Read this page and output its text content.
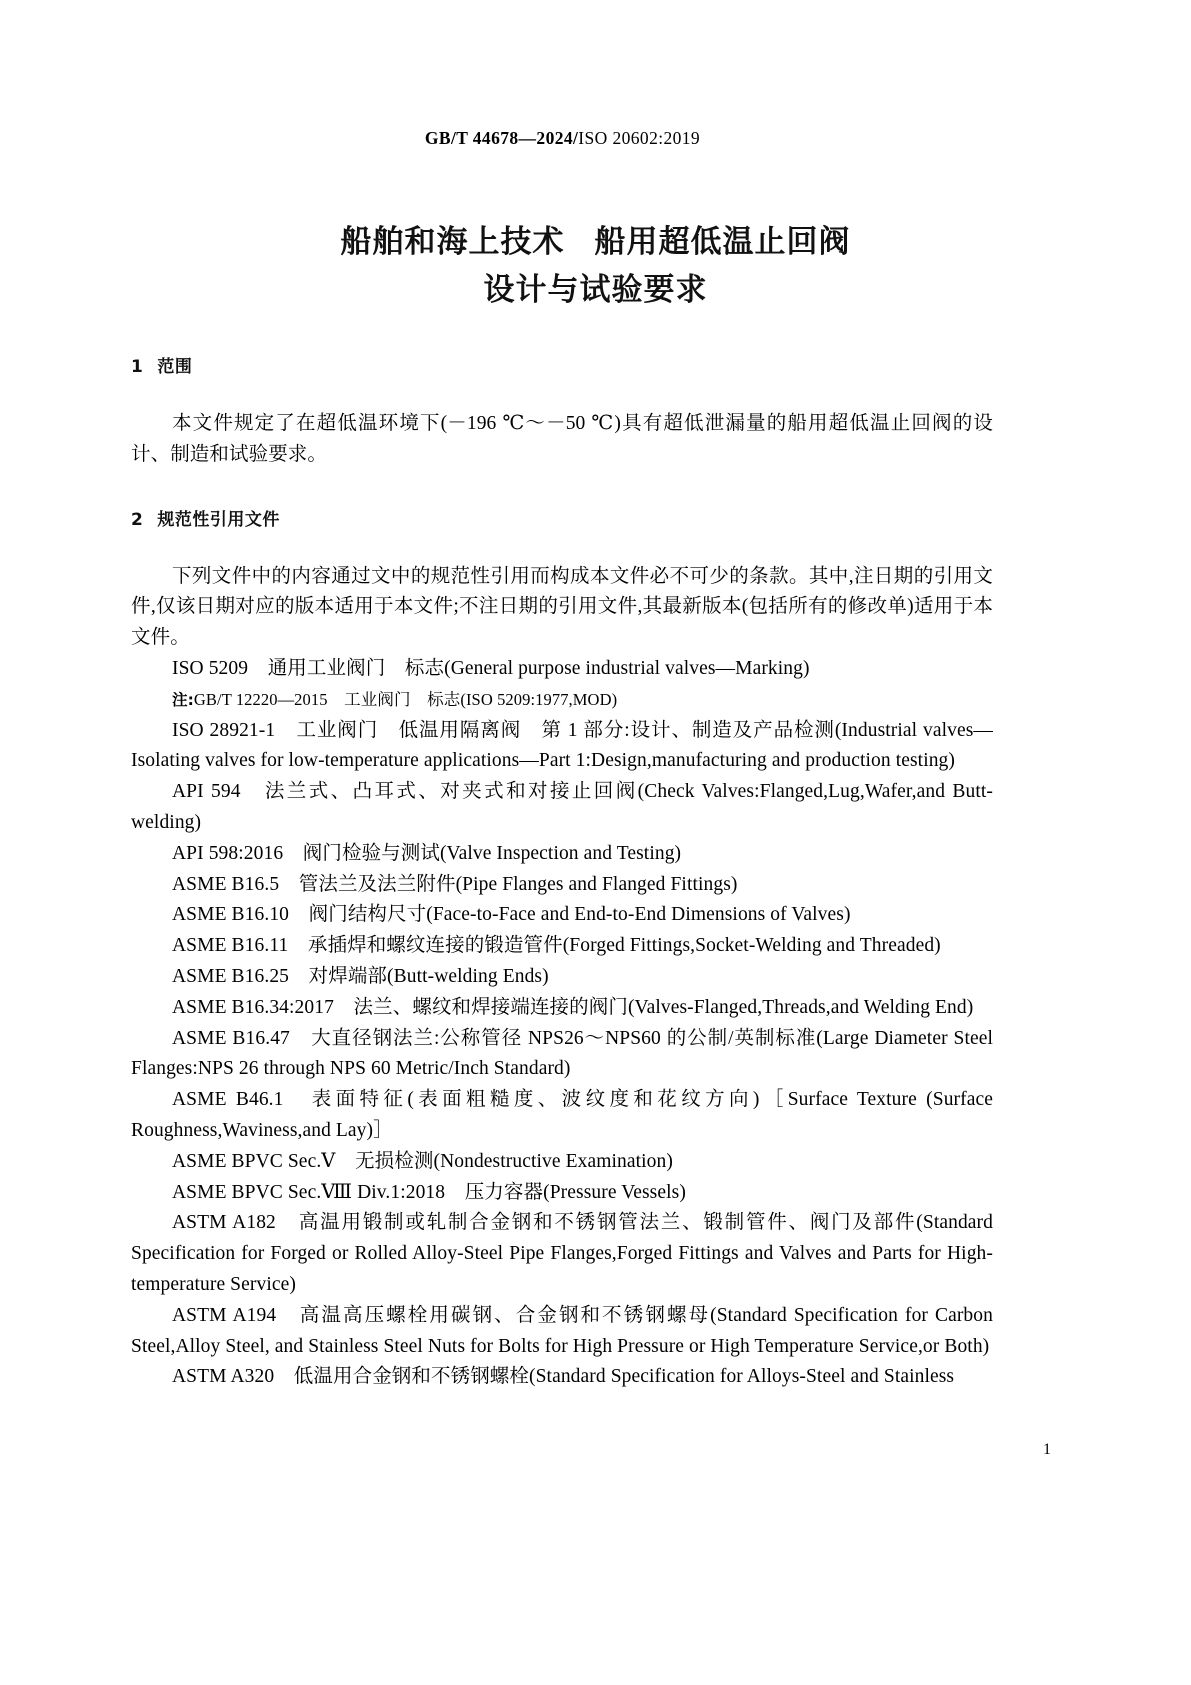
GB/T 44678—2024/ISO 20602:2019
船舶和海上技术 船用超低温止回阀
设计与试验要求
1 范围

本文件规定了在超低温环境下(－196 ℃～－50 ℃)具有超低泄漏量的船用超低温止回阀的设计、制造和试验要求。

2 规范性引用文件

下列文件中的内容通过文中的规范性引用而构成本文件必不可少的条款。其中,注日期的引用文件,仅该日期对应的版本适用于本文件;不注日期的引用文件,其最新版本(包括所有的修改单)适用于本文件。

ISO 5209　通用工业阀门　标志(General purpose industrial valves—Marking)

注:GB/T 12220—2015　工业阀门　标志(ISO 5209:1977,MOD)

ISO 28921-1　工业阀门　低温用隔离阀　第 1 部分:设计、制造及产品检测(Industrial valves—Isolating valves for low-temperature applications—Part 1:Design,manufacturing and production testing)

API 594　法兰式、凸耳式、对夹式和对接止回阀(Check Valves:Flanged,Lug,Wafer,and Butt-welding)

API 598:2016　阀门检验与测试(Valve Inspection and Testing)

ASME B16.5　管法兰及法兰附件(Pipe Flanges and Flanged Fittings)

ASME B16.10　阀门结构尺寸(Face-to-Face and End-to-End Dimensions of Valves)

ASME B16.11　承插焊和螺纹连接的锻造管件(Forged Fittings,Socket-Welding and Threaded)

ASME B16.25　对焊端部(Butt-welding Ends)

ASME B16.34:2017　法兰、螺纹和焊接端连接的阀门(Valves-Flanged,Threads,and Welding End)

ASME B16.47　大直径钢法兰:公称管径 NPS26～NPS60 的公制/英制标准(Large Diameter Steel Flanges:NPS 26 through NPS 60 Metric/Inch Standard)

ASME B46.1　表面特征(表面粗糙度、波纹度和花纹方向)［Surface Texture (Surface Roughness,Waviness,and Lay)］

ASME BPVC Sec.Ⅴ　无损检测(Nondestructive Examination)

ASME BPVC Sec.Ⅷ Div.1:2018　压力容器(Pressure Vessels)

ASTM A182　高温用锻制或轧制合金钢和不锈钢管法兰、锻制管件、阀门及部件(Standard Specification for Forged or Rolled Alloy-Steel Pipe Flanges,Forged Fittings and Valves and Parts for High-temperature Service)

ASTM A194　高温高压螺栓用碳钢、合金钢和不锈钢螺母(Standard Specification for Carbon Steel,Alloy Steel, and Stainless Steel Nuts for Bolts for High Pressure or High Temperature Service,or Both)

ASTM A320　低温用合金钢和不锈钢螺栓(Standard Specification for Alloys-Steel and Stainless

1
